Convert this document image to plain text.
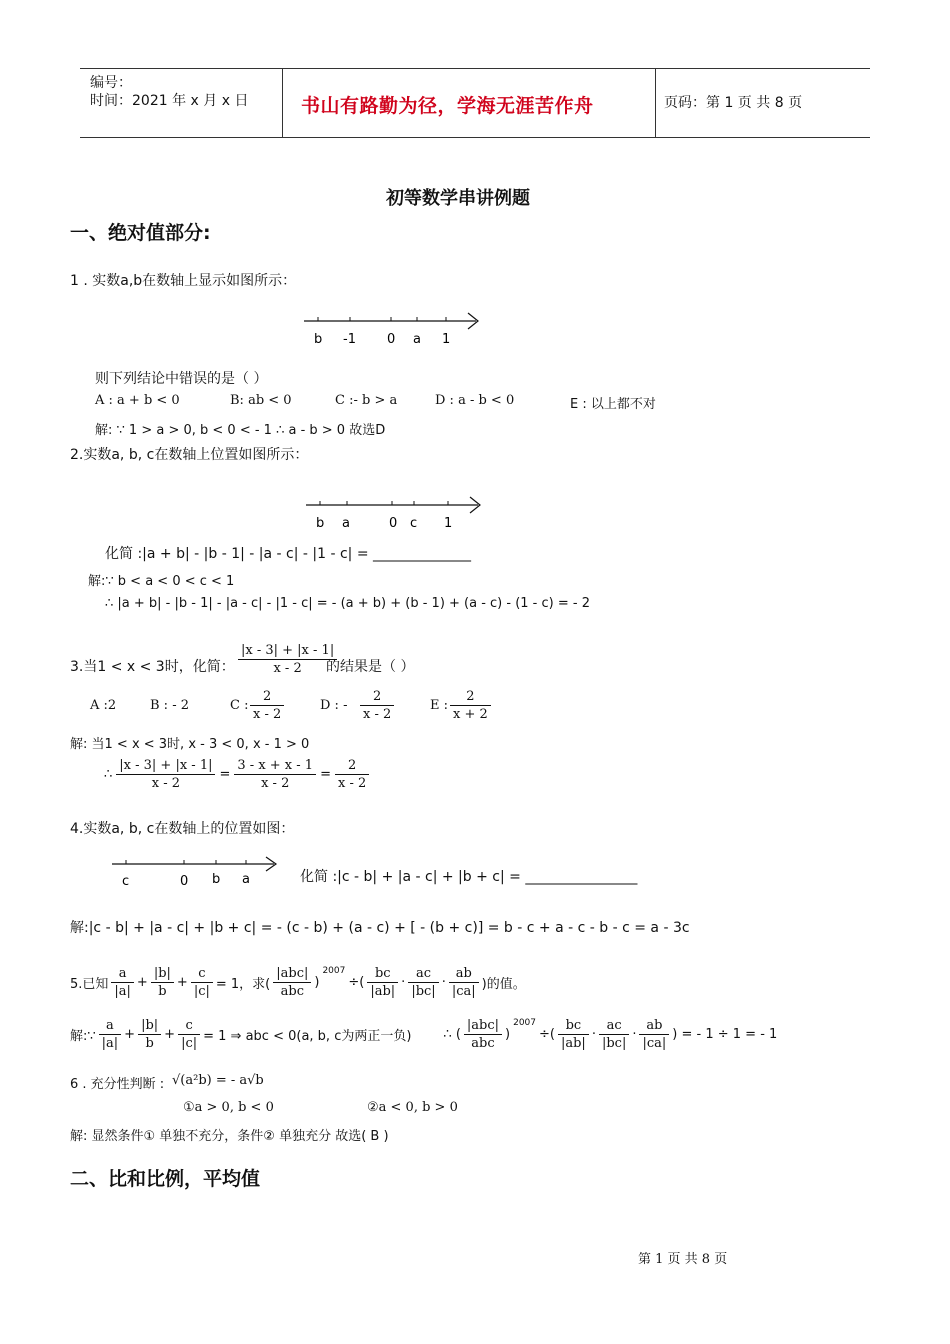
编号：
时间：2021 年 x 月 x 日	书山有路勤为径，学海无涯苦作舟	页码：第 1 页 共 8 页
初等数学串讲例题
一、绝对值部分:
1 . 实数a,b在数轴上显示如图所示：
b -1 0 a 1
则下列结论中错误的是（ ）
A : a + b < 0	B: ab < 0	C :- b > a	D : a - b < 0	E : 以上都不对
解: ∵ 1 > a > 0, b < 0 < - 1 ∴ a - b > 0 故选D
2.实数a, b, c在数轴上位置如图所示：
b a	0 c 1
化简 :|a + b| - |b - 1| - |a - c| - |1 - c| = ______________
解:∵ b < a < 0 < c < 1
∴ |a + b| - |b - 1| - |a - c| - |1 - c| = - (a + b) + (b - 1) + (a - c) - (1 - c) = - 2
3.当1 < x < 3时，化简： $\frac{|x - 3| + |x - 1|}{x - 2}$
的结果是（ ）
A :2	B : - 2	C : $\frac{2}{x - 2}$	D : - $\frac{2}{x - 2}$	E : $\frac{2}{x + 2}$
解: 当1 < x < 3时, x - 3 < 0, x - 1 > 0
∴ $\frac{|x - 3| + |x - 1|}{x - 2} = \frac{3 - x + x - 1}{x - 2} = \frac{2}{x - 2}$
4.实数a, b, c在数轴上的位置如图：
c	0 b a	化简 :|c - b| + |a - c| + |b + c| = ________________
解:|c - b| + |a - c| + |b + c| = - (c - b) + (a - c) + [ - (b + c)] = b - c + a - c - b - c = a - 3c
5.已知 $\frac{a}{|a|} + \frac{|b|}{b} + \frac{c}{|c|} = 1$，求( $\frac{\text{|abc|}}{\text{abc}}$ )
$^{2007}$
÷( $\frac{bc}{|ab|} \cdot \frac{ac}{|bc|} \cdot \frac{ab}{|ca|}$ )的值。
解:∵ $\frac{a}{|a|} + \frac{|b|}{b} + \frac{c}{|c|} = 1$ ⇒ abc < 0(a, b, c为两正一负) ∴ ( $\frac{\text{|abc|}}{\text{abc}}$ )
$^{2007}$
÷( $\frac{bc}{|ab|} \cdot \frac{ac}{|bc|} \cdot \frac{ab}{|ca|}$ ) = - 1 ÷ 1 = - 1
6 . 充分性判断 : √(a²b) = - a√b
①a > 0, b < 0	②a < 0, b > 0
解: 显然条件① 单独不充分，条件② 单独充分 故选( B )
二、比和比例，平均值
第 1 页 共 8 页
